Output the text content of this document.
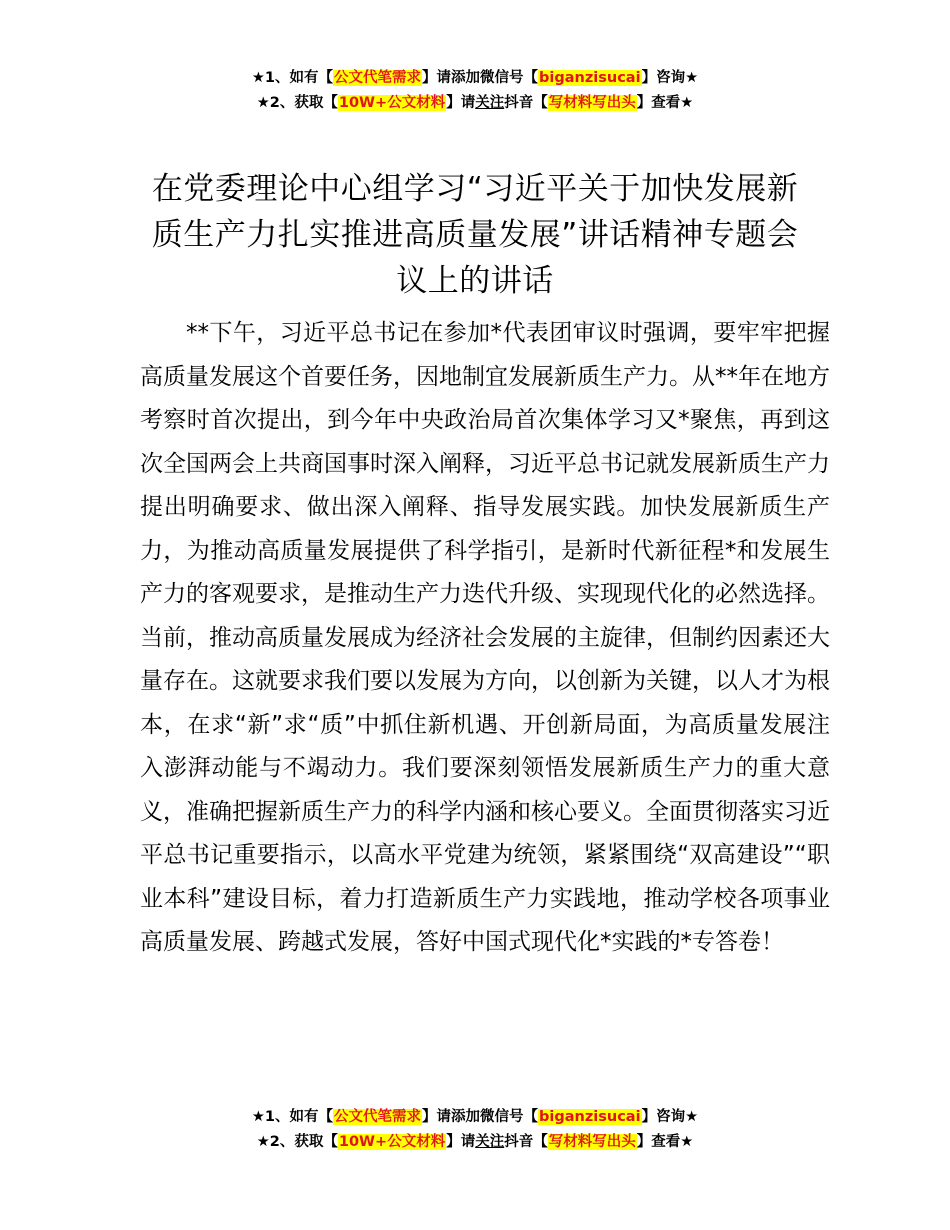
★1、如有【公文代笔需求】请添加微信号【biganzisucai】咨询★
★2、获取【10W+公文材料】请关注抖音【写材料写出头】查看★
在党委理论中心组学习“习近平关于加快发展新质生产力扎实推进高质量发展”讲话精神专题会议上的讲话

**下午，习近平总书记在参加*代表团审议时强调，要牢牢把握高质量发展这个首要任务，因地制宜发展新质生产力。从**年在地方考察时首次提出，到今年中央政治局首次集体学习又*聚焦，再到这次全国两会上共商国事时深入阐释，习近平总书记就发展新质生产力提出明确要求、做出深入阐释、指导发展实践。加快发展新质生产力，为推动高质量发展提供了科学指引，是新时代新征程*和发展生产力的客观要求，是推动生产力迭代升级、实现现代化的必然选择。当前，推动高质量发展成为经济社会发展的主旋律，但制约因素还大量存在。这就要求我们要以发展为方向，以创新为关键，以人才为根本，在求“新”求“质”中抓住新机遇、开创新局面，为高质量发展注入澎湃动能与不竭动力。我们要深刻领悟发展新质生产力的重大意义，准确把握新质生产力的科学内涵和核心要义。全面贯彻落实习近平总书记重要指示，以高水平党建为统领，紧紧围绕“双高建设”“职业本科”建设目标，着力打造新质生产力实践地，推动学校各项事业高质量发展、跨越式发展，答好中国式现代化*实践的*专答卷！

★1、如有【公文代笔需求】请添加微信号【biganzisucai】咨询★
★2、获取【10W+公文材料】请关注抖音【写材料写出头】查看★
